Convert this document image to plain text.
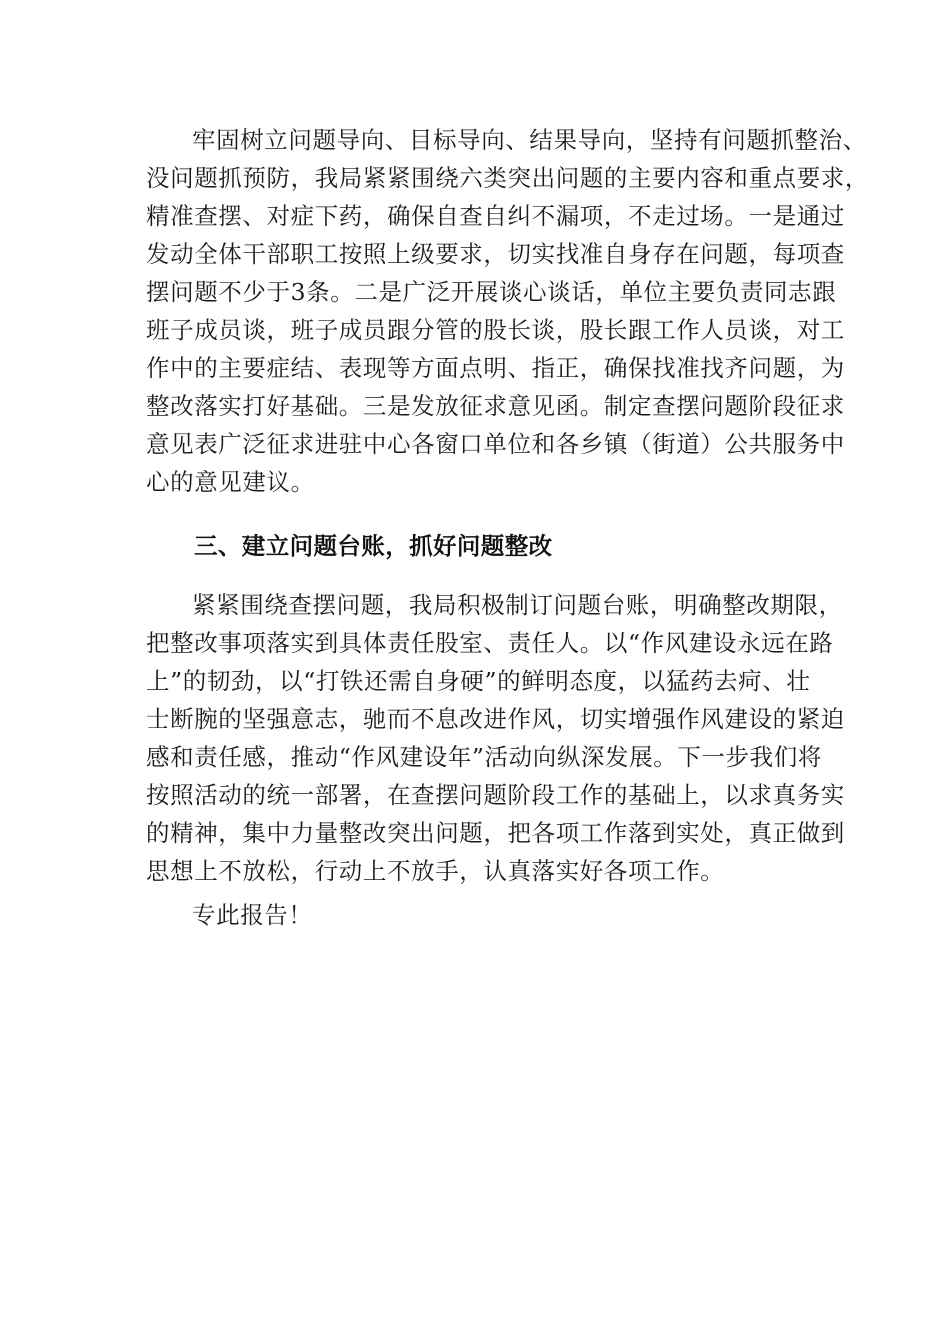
牢固树立问题导向、目标导向、结果导向，坚持有问题抓整治、
没问题抓预防，我局紧紧围绕六类突出问题的主要内容和重点要求，
精准查摆、对症下药，确保自查自纠不漏项，不走过场。一是通过
发动全体干部职工按照上级要求，切实找准自身存在问题，每项查
摆问题不少于3条。二是广泛开展谈心谈话，单位主要负责同志跟
班子成员谈，班子成员跟分管的股长谈，股长跟工作人员谈，对工
作中的主要症结、表现等方面点明、指正，确保找准找齐问题，为
整改落实打好基础。三是发放征求意见函。制定查摆问题阶段征求
意见表广泛征求进驻中心各窗口单位和各乡镇（街道）公共服务中
心的意见建议。
三、建立问题台账，抓好问题整改
紧紧围绕查摆问题，我局积极制订问题台账，明确整改期限，
把整改事项落实到具体责任股室、责任人。以“作风建设永远在路
上”的韧劲，以“打铁还需自身硬”的鲜明态度，以猛药去疴、壮
士断腕的坚强意志，驰而不息改进作风，切实增强作风建设的紧迫
感和责任感，推动“作风建设年”活动向纵深发展。下一步我们将
按照活动的统一部署，在查摆问题阶段工作的基础上，以求真务实
的精神，集中力量整改突出问题，把各项工作落到实处，真正做到
思想上不放松，行动上不放手，认真落实好各项工作。
专此报告！
